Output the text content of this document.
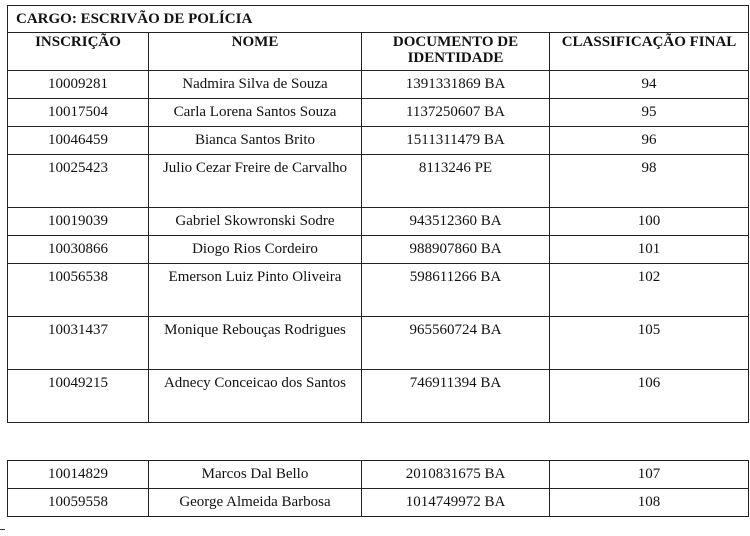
CARGO: ESCRIVÃO DE POLÍCIA			
INSCRIÇÃO	NOME	DOCUMENTO DE IDENTIDADE	CLASSIFICAÇÃO FINAL
10009281	Nadmira Silva de Souza	1391331869 BA	94
10017504	Carla Lorena Santos Souza	1137250607 BA	95
10046459	Bianca Santos Brito	1511311479 BA	96
10025423	Julio Cezar Freire de Carvalho	8113246 PE	98
10019039	Gabriel Skowronski Sodre	943512360 BA	100
10030866	Diogo Rios Cordeiro	988907860 BA	101
10056538	Emerson Luiz Pinto Oliveira	598611266 BA	102
10031437	Monique Rebouças Rodrigues	965560724 BA	105
10049215	Adnecy Conceicao dos Santos	746911394 BA	106
10014829	Marcos Dal Bello	2010831675 BA	107
10059558	George Almeida Barbosa	1014749972 BA	108
